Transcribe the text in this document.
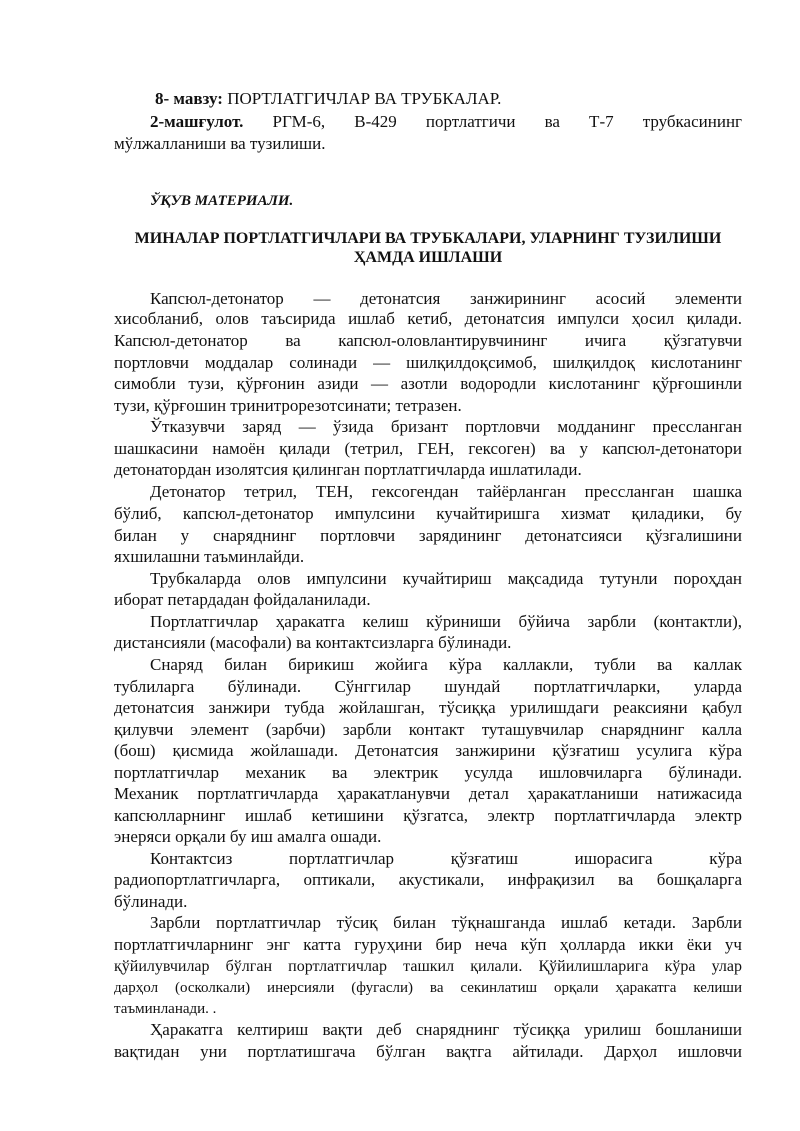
8- мавзу: ПОРТЛАТГИЧЛАР ВА ТРУБКАЛАР.
2-машғулот. РГМ-6, В-429 портлатгичи ва Т-7 трубкасининг
мўлжалланиши ва тузилиши.
ЎҚУВ МАТЕРИАЛИ.
МИНАЛАР ПОРТЛАТГИЧЛАРИ ВА ТРУБКАЛАРИ, УЛАРНИНГ ТУЗИЛИШИ
ҲАМДА ИШЛАШИ
Капсюл-детонатор — детонатсия занжирининг асосий элементи
хисобланиб, олов таъсирида ишлаб кетиб, детонатсия импулси ҳосил қилади.
Капсюл-детонатор ва капсюл-оловлантирувчининг ичига қўзгатувчи
портловчи моддалар солинади — шилқилдоқсимоб, шилқилдоқ кислотанинг
симобли тузи, қўрғонин азиди — азотли водородли кислотанинг қўрғошинли
тузи, қўрғошин тринитрорезотсинати; тетразен.
Ўтказувчи заряд — ўзида бризант портловчи модданинг прессланган
шашкасини намоён қилади (тетрил, ГЕН, гексоген) ва у капсюл-детонатори
детонатордан изолятсия қилинган портлатгичларда ишлатилади.
Детонатор тетрил, ТЕН, гексогендан тайёрланган прессланган шашка
бўлиб, капсюл-детонатор импулсини кучайтиришга хизмат қиладики, бу
билан у снаряднинг портловчи зарядининг детонатсияси қўзгалишини
яхшилашни таъминлайди.
Трубкаларда олов импулсини кучайтириш мақсадида тутунли пороҳдан
иборат петардадан фойдаланилади.
Портлатгичлар ҳаракатга келиш кўриниши бўйича зарбли (контактли),
дистансияли (масофали) ва контактсизларга бўлинади.
Снаряд билан бирикиш жойига кўра каллакли, тубли ва каллак
тублиларга бўлинади. Сўнггилар шундай портлатгичларки, уларда
детонатсия занжири тубда жойлашган, тўсиққа урилишдаги реаксияни қабул
қилувчи элемент (зарбчи) зарбли контакт туташувчилар снаряднинг калла
(бош) қисмида жойлашади. Детонатсия занжирини қўзғатиш усулига кўра
портлатгичлар механик ва электрик усулда ишловчиларга бўлинади.
Механик портлатгичларда ҳаракатланувчи детал ҳаракатланиши натижасида
капсюлларнинг ишлаб кетишини қўзгатса, электр портлатгичларда электр
энеряси орқали бу иш амалга ошади.
Контактсиз портлатгичлар қўзғатиш ишорасига кўра
радиопортлатгичларга, оптикали, акустикали, инфрақизил ва бошқаларга
бўлинади.
Зарбли портлатгичлар тўсиқ билан тўқнашганда ишлаб кетади. Зарбли
портлатгичларнинг энг катта гуруҳини бир неча кўп ҳолларда икки ёки уч
қўйилувчилар бўлган портлатгичлар ташкил қилали. Қўйилишларига кўра улар
дарҳол (осколкали) инерсияли (фугасли) ва секинлатиш орқали ҳаракатга келиши
таъминланади. .
Ҳаракатга келтириш вақти деб снаряднинг тўсиққа урилиш бошланиши
вақтидан уни портлатишгача бўлган вақтга айтилади. Дарҳол ишловчи
